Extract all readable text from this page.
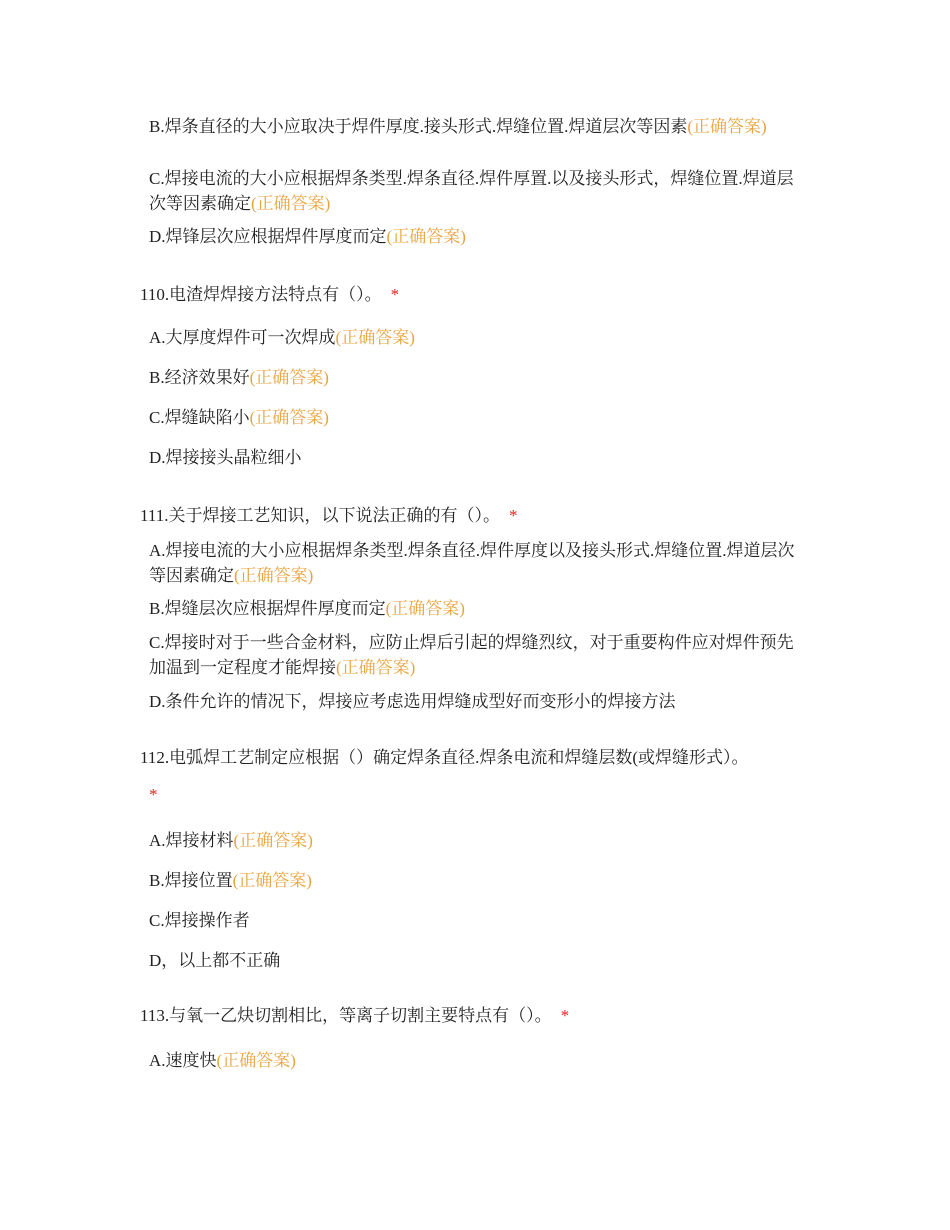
B.焊条直径的大小应取决于焊件厚度.接头形式.焊缝位置.焊道层次等因素(正确答案)

C.焊接电流的大小应根据焊条类型.焊条直径.焊件厚置.以及接头形式，焊缝位置.焊道层次等因素确定(正确答案)

D.焊锋层次应根据焊件厚度而定(正确答案)

110.电渣焊焊接方法特点有（）。 *

A.大厚度焊件可一次焊成(正确答案)

B.经济效果好(正确答案)

C.焊缝缺陷小(正确答案)

D.焊接接头晶粒细小

111.关于焊接工艺知识，以下说法正确的有（）。 *

A.焊接电流的大小应根据焊条类型.焊条直径.焊件厚度以及接头形式.焊缝位置.焊道层次等因素确定(正确答案)

B.焊缝层次应根据焊件厚度而定(正确答案)

C.焊接时对于一些合金材料，应防止焊后引起的焊缝烈纹，对于重要构件应对焊件预先加温到一定程度才能焊接(正确答案)

D.条件允许的情况下，焊接应考虑选用焊缝成型好而变形小的焊接方法

112.电弧焊工艺制定应根据（）确定焊条直径.焊条电流和焊缝层数(或焊缝形式）。*

A.焊接材料(正确答案)

B.焊接位置(正确答案)

C.焊接操作者

D，以上都不正确

113.与氧一乙炔切割相比，等离子切割主要特点有（）。 *

A.速度快(正确答案)
